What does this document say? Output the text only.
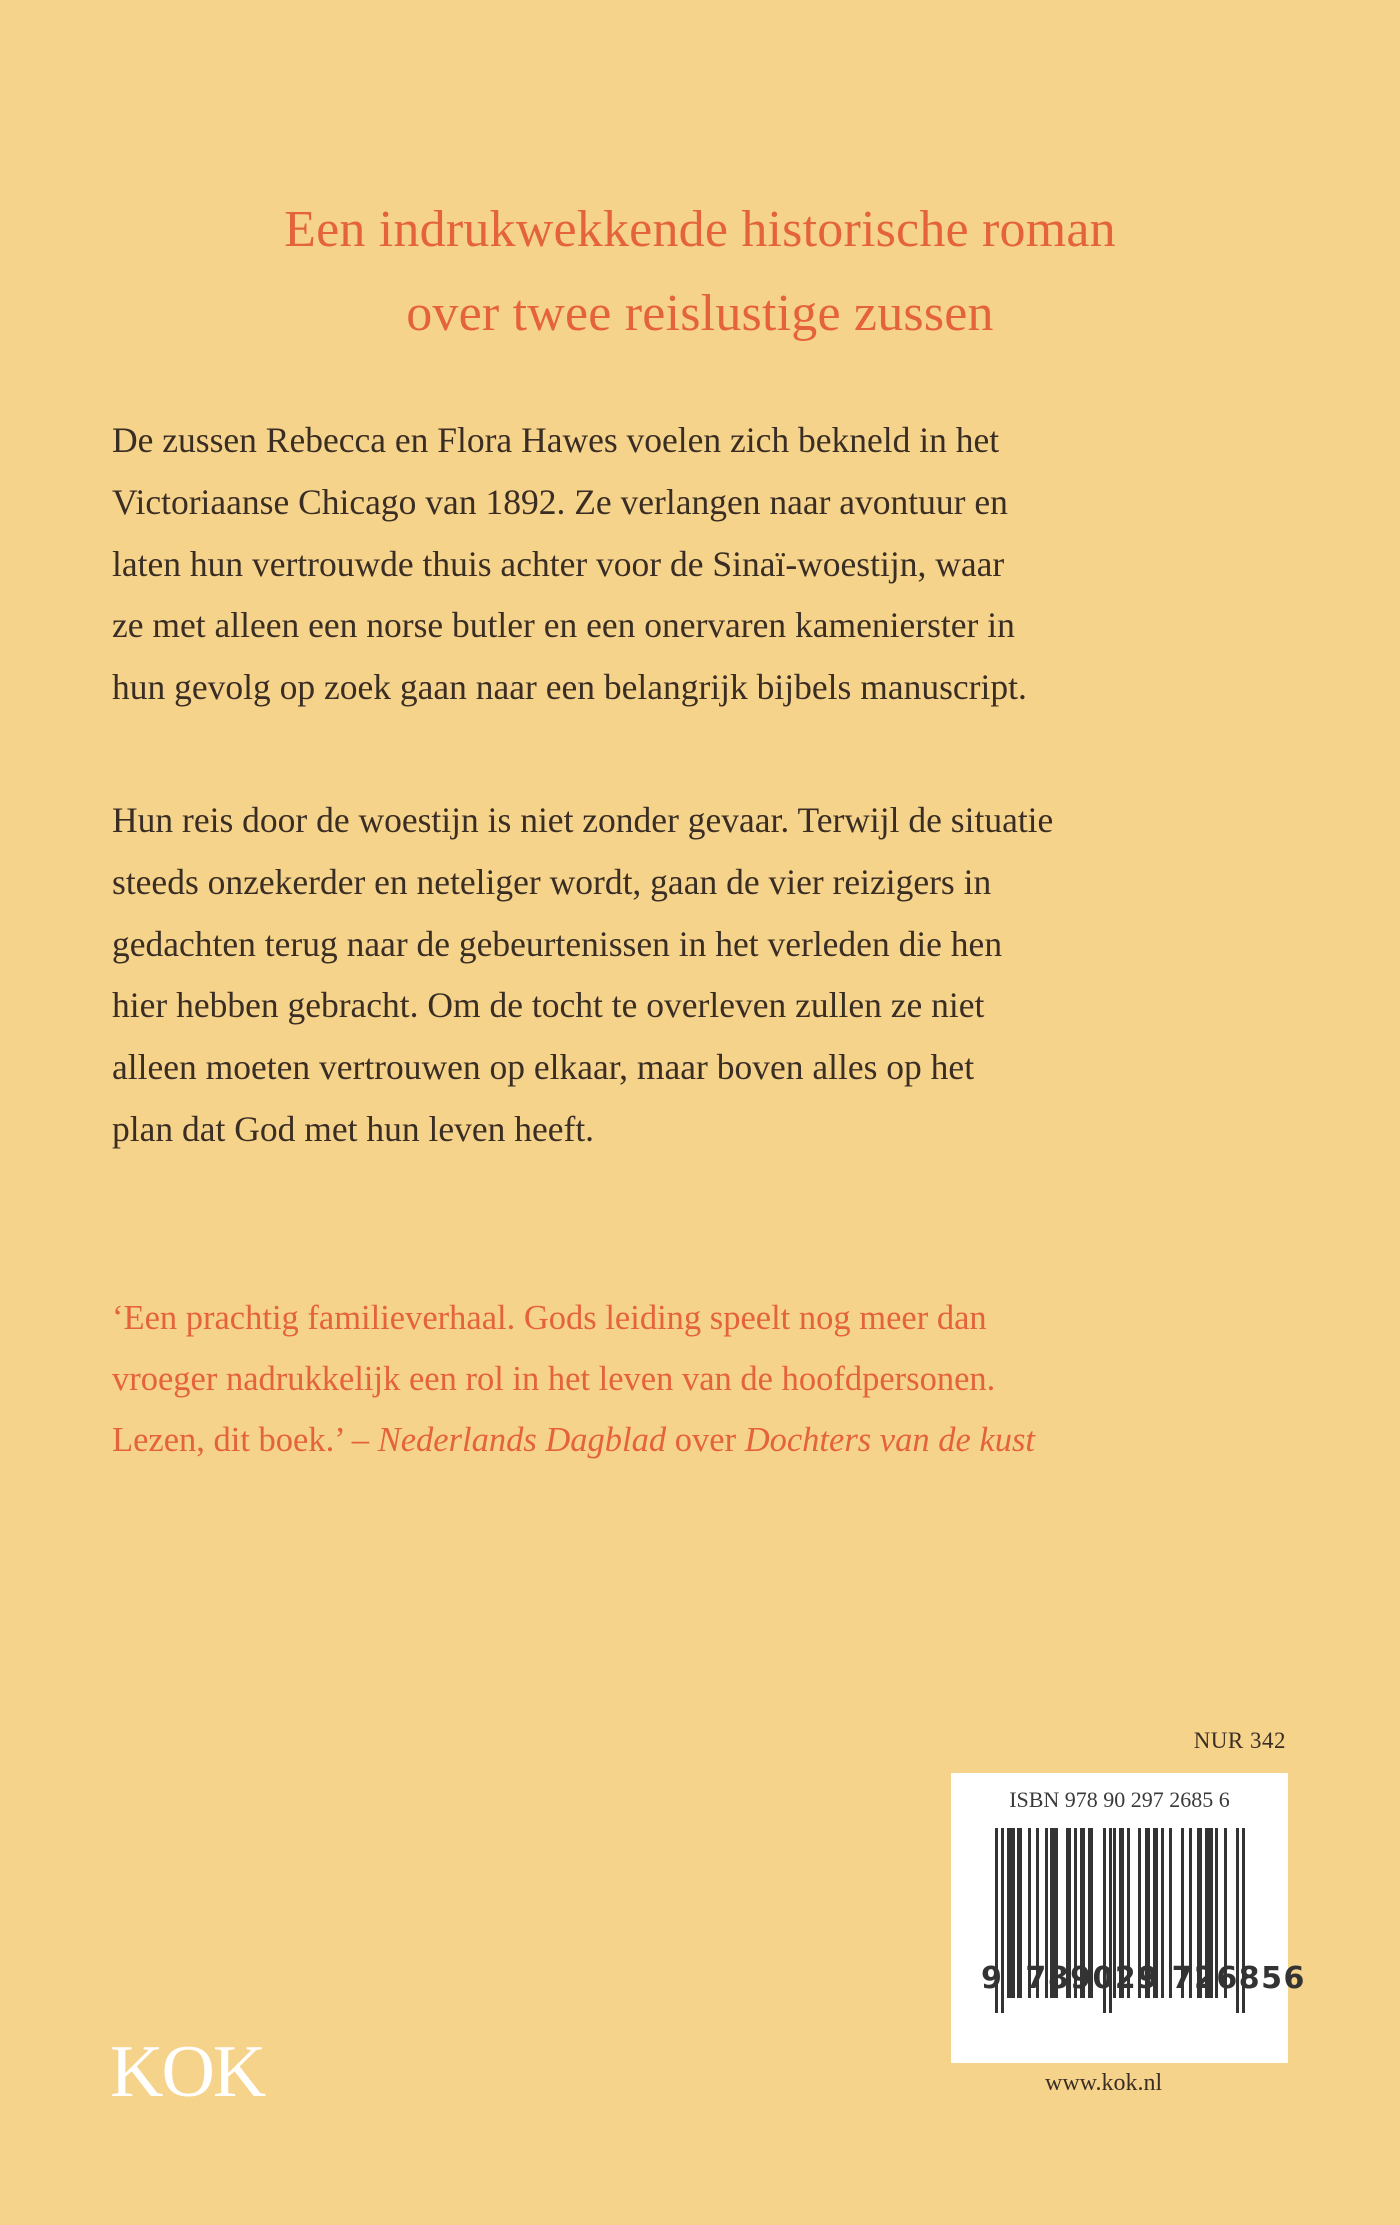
Een indrukwekkende historische roman
over twee reislustige zussen
De zussen Rebecca en Flora Hawes voelen zich bekneld in het
Victoriaanse Chicago van 1892. Ze verlangen naar avontuur en
laten hun vertrouwde thuis achter voor de Sinaï-woestijn, waar
ze met alleen een norse butler en een onervaren kamenierster in
hun gevolg op zoek gaan naar een belangrijk bijbels manuscript.
Hun reis door de woestijn is niet zonder gevaar. Terwijl de situatie
steeds onzekerder en neteliger wordt, gaan de vier reizigers in
gedachten terug naar de gebeurtenissen in het verleden die hen
hier hebben gebracht. Om de tocht te overleven zullen ze niet
alleen moeten vertrouwen op elkaar, maar boven alles op het
plan dat God met hun leven heeft.
‘Een prachtig familieverhaal. Gods leiding speelt nog meer dan
vroeger nadrukkelijk een rol in het leven van de hoofdpersonen.
Lezen, dit boek.’ – Nederlands Dagblad over Dochters van de kust
NUR 342
ISBN 978 90 297 2685 6
9 789029 726856
www.kok.nl
KOK
